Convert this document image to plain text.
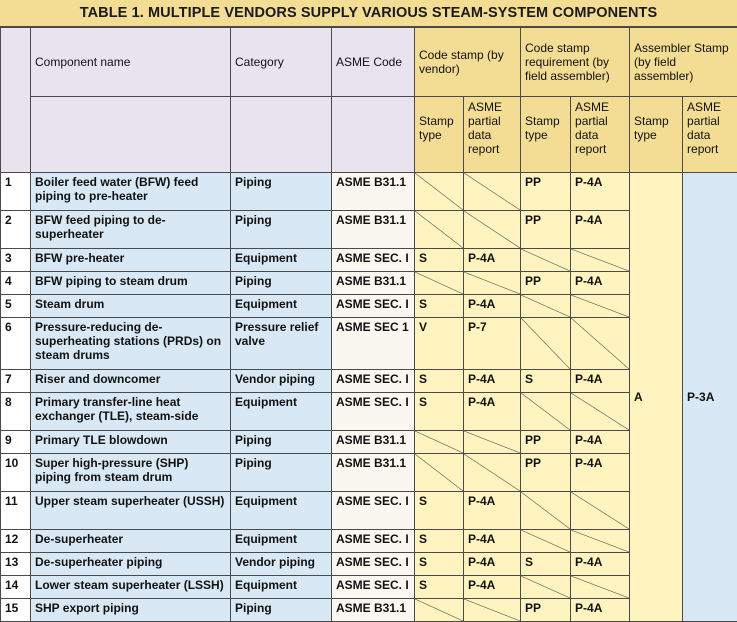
TABLE 1. MULTIPLE VENDORS SUPPLY VARIOUS STEAM-SYSTEM COMPONENTS
	Component name	Category	ASME Code	Code stamp (by vendor)		Code stamp requirement (by field assembler)		Assembler Stamp (by field assembler)	
				Stamp type	ASME partial data report	Stamp type	ASME partial data report	Stamp type	ASME partial data report
1	Boiler feed water (BFW) feed piping to pre-heater	Piping	ASME B31.1			PP	P-4A	A	P-3A
2	BFW feed piping to de-superheater	Piping	ASME B31.1			PP	P-4A		
3	BFW pre-heater	Equipment	ASME SEC. I	S	P-4A				
4	BFW piping to steam drum	Piping	ASME B31.1			PP	P-4A		
5	Steam drum	Equipment	ASME SEC. I	S	P-4A				
6	Pressure-reducing de-superheating stations (PRDs) on steam drums	Pressure relief valve	ASME SEC 1	V	P-7				
7	Riser and downcomer	Vendor piping	ASME SEC. I	S	P-4A	S	P-4A		
8	Primary transfer-line heat exchanger (TLE), steam-side	Equipment	ASME SEC. I	S	P-4A				
9	Primary TLE blowdown	Piping	ASME B31.1			PP	P-4A		
10	Super high-pressure (SHP) piping from steam drum	Piping	ASME B31.1			PP	P-4A		
11	Upper steam superheater (USSH)	Equipment	ASME SEC. I	S	P-4A				
12	De-superheater	Equipment	ASME SEC. I	S	P-4A				
13	De-superheater piping	Vendor piping	ASME SEC. I	S	P-4A	S	P-4A		
14	Lower steam superheater (LSSH)	Equipment	ASME SEC. I	S	P-4A				
15	SHP export piping	Piping	ASME B31.1			PP	P-4A		
